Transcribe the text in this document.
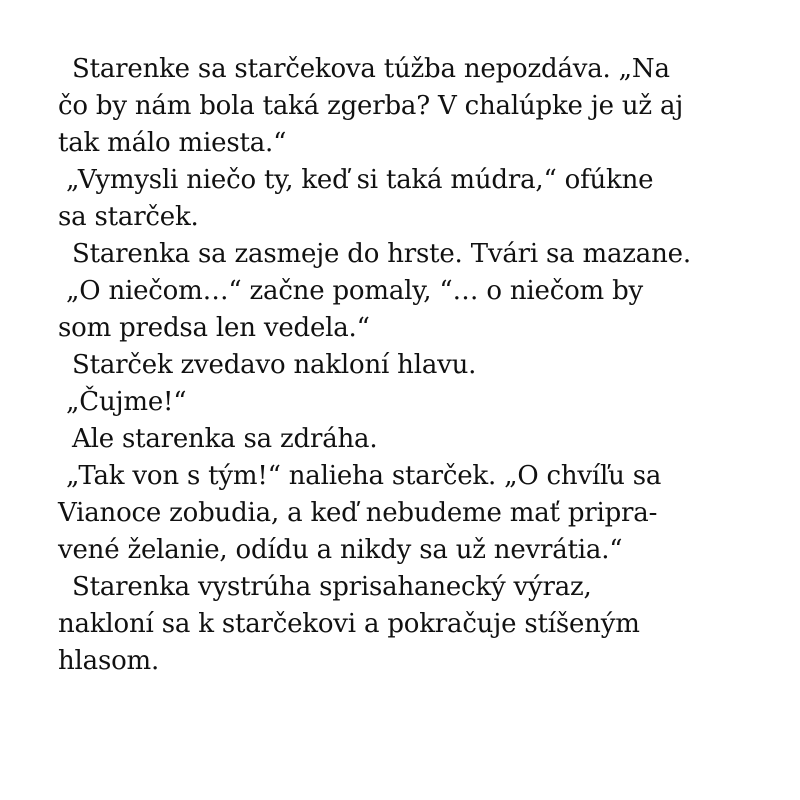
Starenke sa starčekova túžba nepozdáva. „Na
čo by nám bola taká zgerba? V chalúpke je už aj
tak málo miesta.“
„Vymysli niečo ty, keď si taká múdra,“ ofúkne
sa starček.
Starenka sa zasmeje do hrste. Tvári sa mazane.
„O niečom…“ začne pomaly, “… o niečom by
som predsa len vedela.“
Starček zvedavo nakloní hlavu.
„Čujme!“
Ale starenka sa zdráha.
„Tak von s tým!“ nalieha starček. „O chvíľu sa
Vianoce zobudia, a keď nebudeme mať pripra-
vené želanie, odídu a nikdy sa už nevrátia.“
Starenka vystrúha sprisahanecký výraz,
nakloní sa k starčekovi a pokračuje stíšeným
hlasom.
